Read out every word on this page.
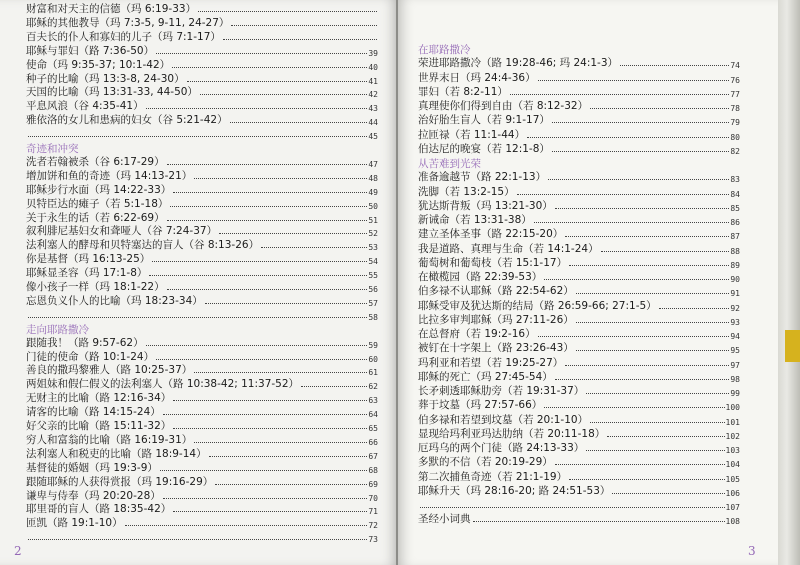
财富和对天主的信德（玛 6:19-33）
耶稣的其他教导（玛 7:3-5, 9-11, 24-27）
百夫长的仆人和寡妇的儿子（玛 7:1-17）
耶稣与罪妇（路 7:36-50）	39
使命（玛 9:35-37; 10:1-42）	40
种子的比喻（玛 13:3-8, 24-30）	41
天国的比喻（玛 13:31-33, 44-50）	42
平息风浪（谷 4:35-41）	43
雅依洛的女儿和患病的妇女（谷 5:21-42）	44
45
奇迹和冲突
洗者若翰被杀（谷 6:17-29）	47
增加饼和鱼的奇迹（玛 14:13-21）	48
耶稣步行水面（玛 14:22-33）	49
贝特臣达的瘫子（若 5:1-18）	50
关于永生的话（若 6:22-69）	51
叙利腓尼基妇女和聋哑人（谷 7:24-37）	52
法利塞人的酵母和贝特塞达的盲人（谷 8:13-26）	53
你是基督（玛 16:13-25）	54
耶稣显圣容（玛 17:1-8）	55
像小孩子一样（玛 18:1-22）	56
忘恩负义仆人的比喻（玛 18:23-34）	57
58
走向耶路撒冷
跟随我！（路 9:57-62）	59
门徒的使命（路 10:1-24）	60
善良的撒玛黎雅人（路 10:25-37）	61
两姐妹和假仁假义的法利塞人（路 10:38-42; 11:37-52）	62
无财主的比喻（路 12:16-34）	63
请客的比喻（路 14:15-24）	64
好父亲的比喻（路 15:11-32）	65
穷人和富翁的比喻（路 16:19-31）	66
法利塞人和税吏的比喻（路 18:9-14）	67
基督徒的婚姻（玛 19:3-9）	68
跟随耶稣的人获得赏报（玛 19:16-29）	69
谦卑与侍奉（玛 20:20-28）	70
耶里哥的盲人（路 18:35-42）	71
匝凯（路 19:1-10）	72
73
2
在耶路撒冷
荣进耶路撒冷（路 19:28-46; 玛 24:1-3）	74
世界末日（玛 24:4-36）	76
罪妇（若 8:2-11）	77
真理使你们得到自由（若 8:12-32）	78
治好胎生盲人（若 9:1-17）	79
拉匝禄（若 11:1-44）	80
伯达尼的晚宴（若 12:1-8）	82
从苦难到光荣
准备逾越节（路 22:1-13）	83
洗脚（若 13:2-15）	84
犹达斯背叛（玛 13:21-30）	85
新诫命（若 13:31-38）	86
建立圣体圣事（路 22:15-20）	87
我是道路、真理与生命（若 14:1-24）	88
葡萄树和葡萄枝（若 15:1-17）	89
在橄榄园（路 22:39-53）	90
伯多禄不认耶稣（路 22:54-62）	91
耶稣受审及犹达斯的结局（路 26:59-66; 27:1-5）	92
比拉多审判耶稣（玛 27:11-26）	93
在总督府（若 19:2-16）	94
被钉在十字架上（路 23:26-43）	95
玛利亚和若望（若 19:25-27）	97
耶稣的死亡（玛 27:45-54）	98
长矛刺透耶稣肋旁（若 19:31-37）	99
葬于坟墓（玛 27:57-66）	100
伯多禄和若望到坟墓（若 20:1-10）	101
显现给玛利亚玛达肋纳（若 20:11-18）	102
厄玛乌的两个门徒（路 24:13-33）	103
多默的不信（若 20:19-29）	104
第二次捕鱼奇迹（若 21:1-19）	105
耶稣升天（玛 28:16-20; 路 24:51-53）	106
107
圣经小词典	108
3
